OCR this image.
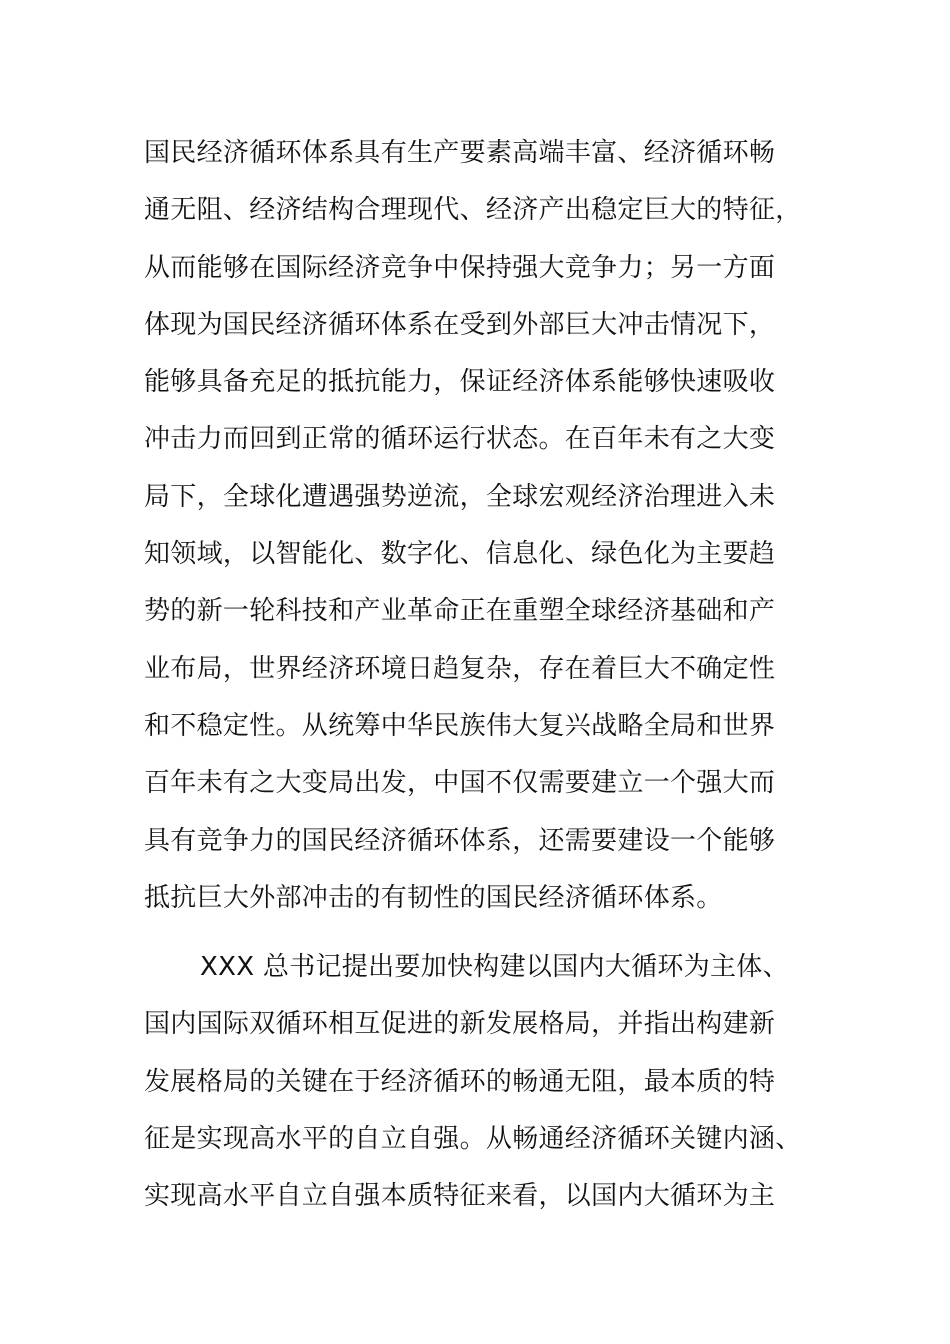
国民经济循环体系具有生产要素高端丰富、经济循环畅
通无阻、经济结构合理现代、经济产出稳定巨大的特征，
从而能够在国际经济竞争中保持强大竞争力；另一方面
体现为国民经济循环体系在受到外部巨大冲击情况下，
能够具备充足的抵抗能力，保证经济体系能够快速吸收
冲击力而回到正常的循环运行状态。在百年未有之大变
局下，全球化遭遇强势逆流，全球宏观经济治理进入未
知领域，以智能化、数字化、信息化、绿色化为主要趋
势的新一轮科技和产业革命正在重塑全球经济基础和产
业布局，世界经济环境日趋复杂，存在着巨大不确定性
和不稳定性。从统筹中华民族伟大复兴战略全局和世界
百年未有之大变局出发，中国不仅需要建立一个强大而
具有竞争力的国民经济循环体系，还需要建设一个能够
抵抗巨大外部冲击的有韧性的国民经济循环体系。
XXX 总书记提出要加快构建以国内大循环为主体、
国内国际双循环相互促进的新发展格局，并指出构建新
发展格局的关键在于经济循环的畅通无阻，最本质的特
征是实现高水平的自立自强。从畅通经济循环关键内涵、
实现高水平自立自强本质特征来看，以国内大循环为主
